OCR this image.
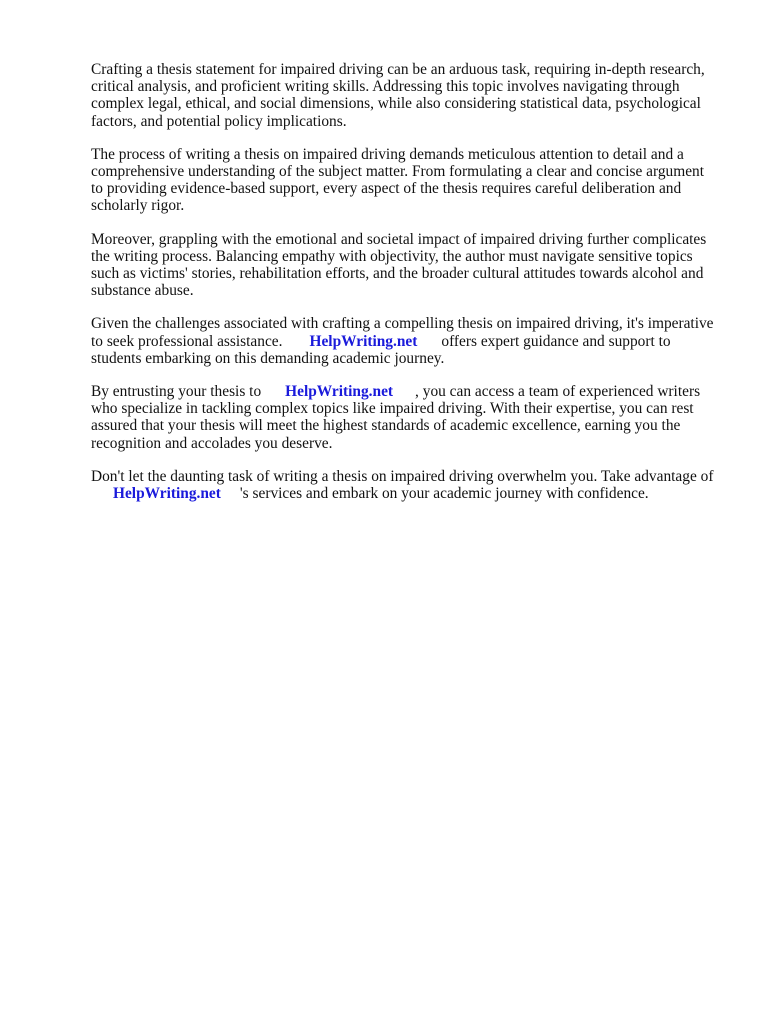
Crafting a thesis statement for impaired driving can be an arduous task, requiring in-depth research,
critical analysis, and proficient writing skills. Addressing this topic involves navigating through
complex legal, ethical, and social dimensions, while also considering statistical data, psychological
factors, and potential policy implications.

The process of writing a thesis on impaired driving demands meticulous attention to detail and a
comprehensive understanding of the subject matter. From formulating a clear and concise argument
to providing evidence-based support, every aspect of the thesis requires careful deliberation and
scholarly rigor.

Moreover, grappling with the emotional and societal impact of impaired driving further complicates
the writing process. Balancing empathy with objectivity, the author must navigate sensitive topics
such as victims' stories, rehabilitation efforts, and the broader cultural attitudes towards alcohol and
substance abuse.

Given the challenges associated with crafting a compelling thesis on impaired driving, it's imperative
to seek professional assistance. HelpWriting.net offers expert guidance and support to
students embarking on this demanding academic journey.

By entrusting your thesis to HelpWriting.net , you can access a team of experienced writers
who specialize in tackling complex topics like impaired driving. With their expertise, you can rest
assured that your thesis will meet the highest standards of academic excellence, earning you the
recognition and accolades you deserve.

Don't let the daunting task of writing a thesis on impaired driving overwhelm you. Take advantage of
HelpWriting.net 's services and embark on your academic journey with confidence.
